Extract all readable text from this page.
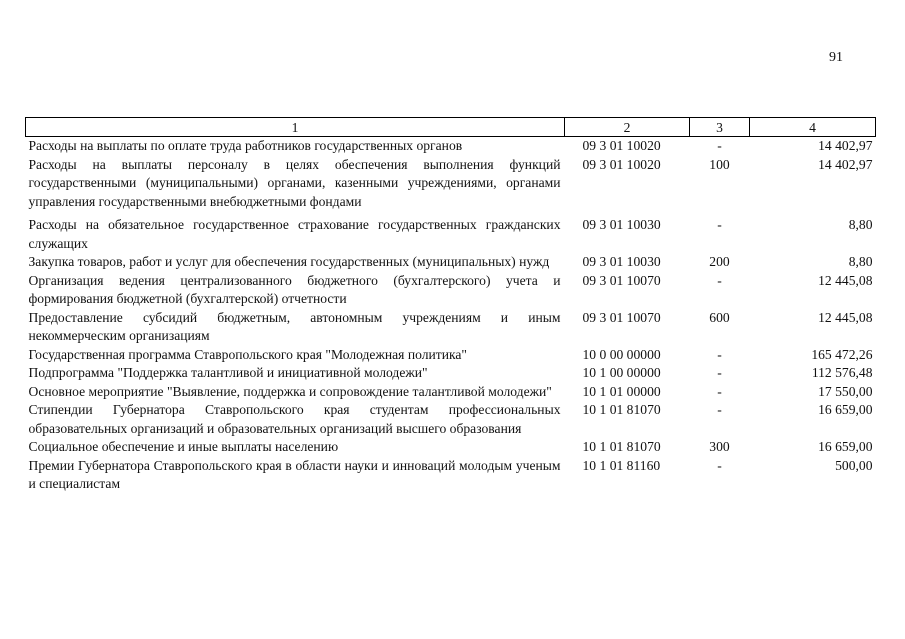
91
1	2	3	4
Расходы на выплаты по оплате труда работников государственных органов	09 3 01 10020	-	14 402,97
Расходы на выплаты персоналу в целях обеспечения выполнения функций государственными (муниципальными) органами, казенными учреждениями, органами управления государственными внебюджетными фондами	09 3 01 10020	100	14 402,97
Расходы на обязательное государственное страхование государственных гражданских служащих	09 3 01 10030	-	8,80
Закупка товаров, работ и услуг для обеспечения государственных (муниципальных) нужд	09 3 01 10030	200	8,80
Организация ведения централизованного бюджетного (бухгалтерского) учета и формирования бюджетной (бухгалтерской) отчетности	09 3 01 10070	-	12 445,08
Предоставление субсидий бюджетным, автономным учреждениям и иным некоммерческим организациям	09 3 01 10070	600	12 445,08
Государственная программа Ставропольского края "Молодежная политика"	10 0 00 00000	-	165 472,26
Подпрограмма "Поддержка талантливой и инициативной молодежи"	10 1 00 00000	-	112 576,48
Основное мероприятие "Выявление, поддержка и сопровождение талантливой молодежи"	10 1 01 00000	-	17 550,00
Стипендии Губернатора Ставропольского края студентам профессиональных образовательных организаций и образовательных организаций высшего образования	10 1 01 81070	-	16 659,00
Социальное обеспечение и иные выплаты населению	10 1 01 81070	300	16 659,00
Премии Губернатора Ставропольского края в области науки и инноваций молодым ученым и специалистам	10 1 01 81160	-	500,00
